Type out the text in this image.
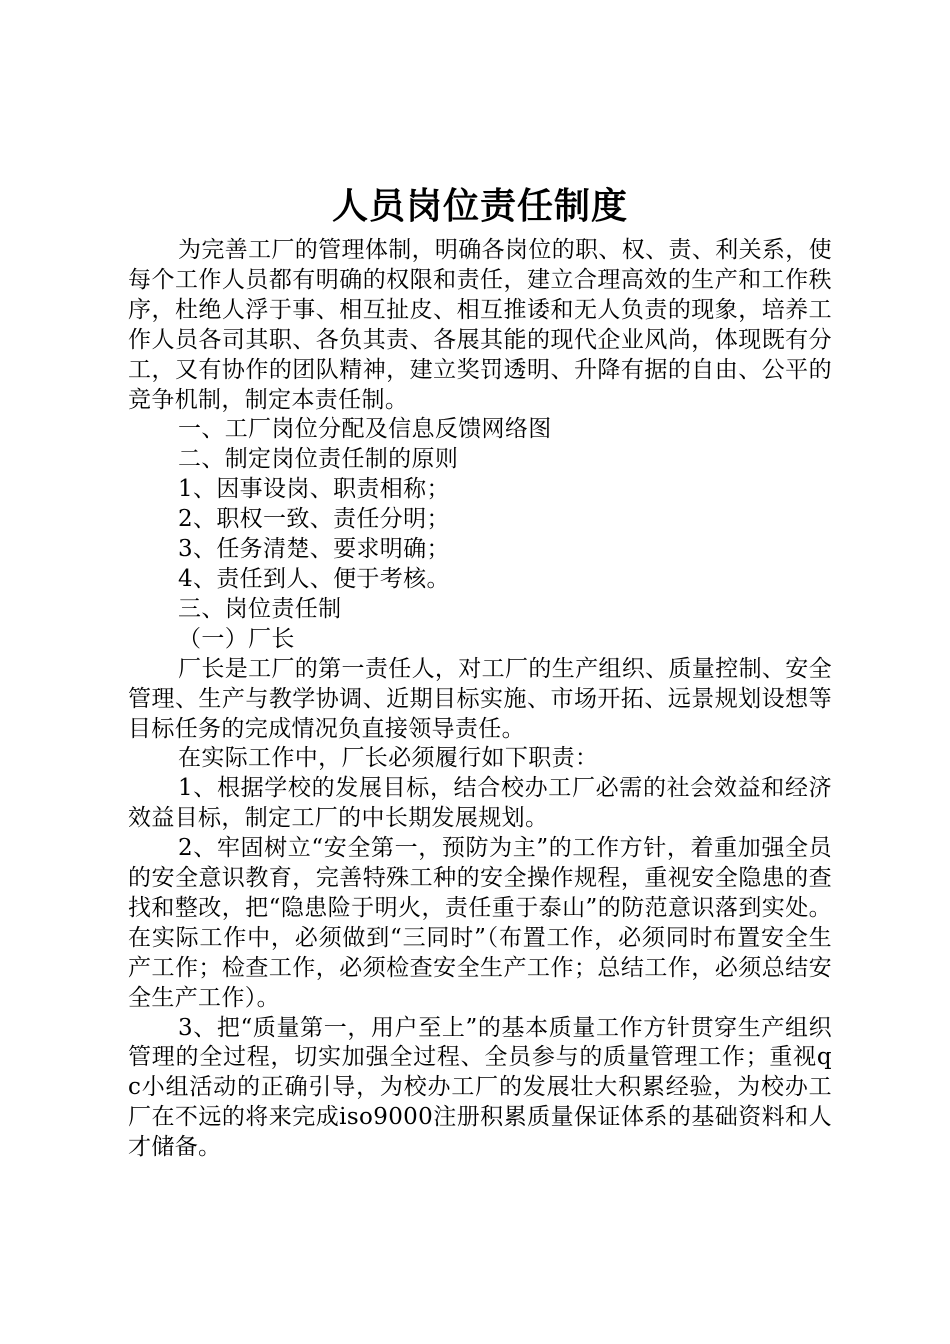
人员岗位责任制度

为完善工厂的管理体制，明确各岗位的职、权、责、利关系，使每个工作人员都有明确的权限和责任，建立合理高效的生产和工作秩序，杜绝人浮于事、相互扯皮、相互推诿和无人负责的现象，培养工作人员各司其职、各负其责、各展其能的现代企业风尚，体现既有分工，又有协作的团队精神，建立奖罚透明、升降有据的自由、公平的竞争机制，制定本责任制。

一、工厂岗位分配及信息反馈网络图

二、制定岗位责任制的原则

1、因事设岗、职责相称；

2、职权一致、责任分明；

3、任务清楚、要求明确；

4、责任到人、便于考核。

三、岗位责任制

（一）厂长

厂长是工厂的第一责任人，对工厂的生产组织、质量控制、安全管理、生产与教学协调、近期目标实施、市场开拓、远景规划设想等目标任务的完成情况负直接领导责任。

在实际工作中，厂长必须履行如下职责：

1、根据学校的发展目标，结合校办工厂必需的社会效益和经济效益目标，制定工厂的中长期发展规划。

2、牢固树立“安全第一，预防为主”的工作方针，着重加强全员的安全意识教育，完善特殊工种的安全操作规程，重视安全隐患的查找和整改，把“隐患险于明火，责任重于泰山”的防范意识落到实处。在实际工作中，必须做到“三同时”（布置工作，必须同时布置安全生产工作；检查工作，必须检查安全生产工作；总结工作，必须总结安全生产工作）。

3、把“质量第一，用户至上”的基本质量工作方针贯穿生产组织管理的全过程，切实加强全过程、全员参与的质量管理工作；重视qc小组活动的正确引导，为校办工厂的发展壮大积累经验，为校办工厂在不远的将来完成iso9000注册积累质量保证体系的基础资料和人才储备。
